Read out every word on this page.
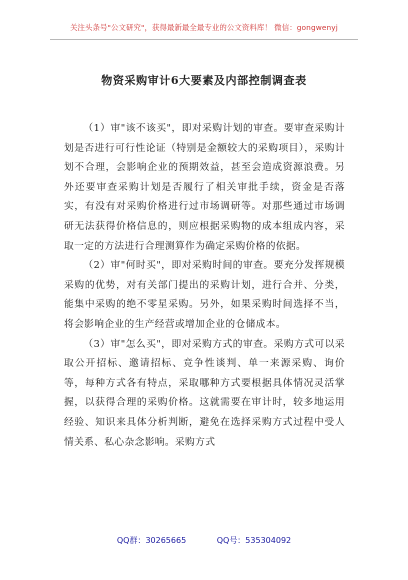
关注头条号"公文研究"，获得最新最全最专业的公文资料库！ 微信：gongwenyj
物资采购审计6大要素及内部控制调查表

（1）审"该不该买"，即对采购计划的审查。要审查采购计划是否进行可行性论证（特别是金额较大的采购项目），采购计划不合理，会影响企业的预期效益，甚至会造成资源浪费。另外还要审查采购计划是否履行了相关审批手续，资金是否落实，有没有对采购价格进行过市场调研等。对那些通过市场调研无法获得价格信息的，则应根据采购物的成本组成内容，采取一定的方法进行合理测算作为确定采购价格的依据。

（2）审"何时买"，即对采购时间的审查。要充分发挥规模采购的优势，对有关部门提出的采购计划，进行合并、分类，能集中采购的绝不零星采购。另外，如果采购时间选择不当，将会影响企业的生产经营或增加企业的仓储成本。

（3）审"怎么买"，即对采购方式的审查。采购方式可以采取公开招标、邀请招标、竞争性谈判、单一来源采购、询价等，每种方式各有特点，采取哪种方式要根据具体情况灵活掌握，以获得合理的采购价格。这就需要在审计时，较多地运用经验、知识来具体分析判断，避免在选择采购方式过程中受人情关系、私心杂念影响。采购方式

QQ群：30265665	QQ号：535304092
